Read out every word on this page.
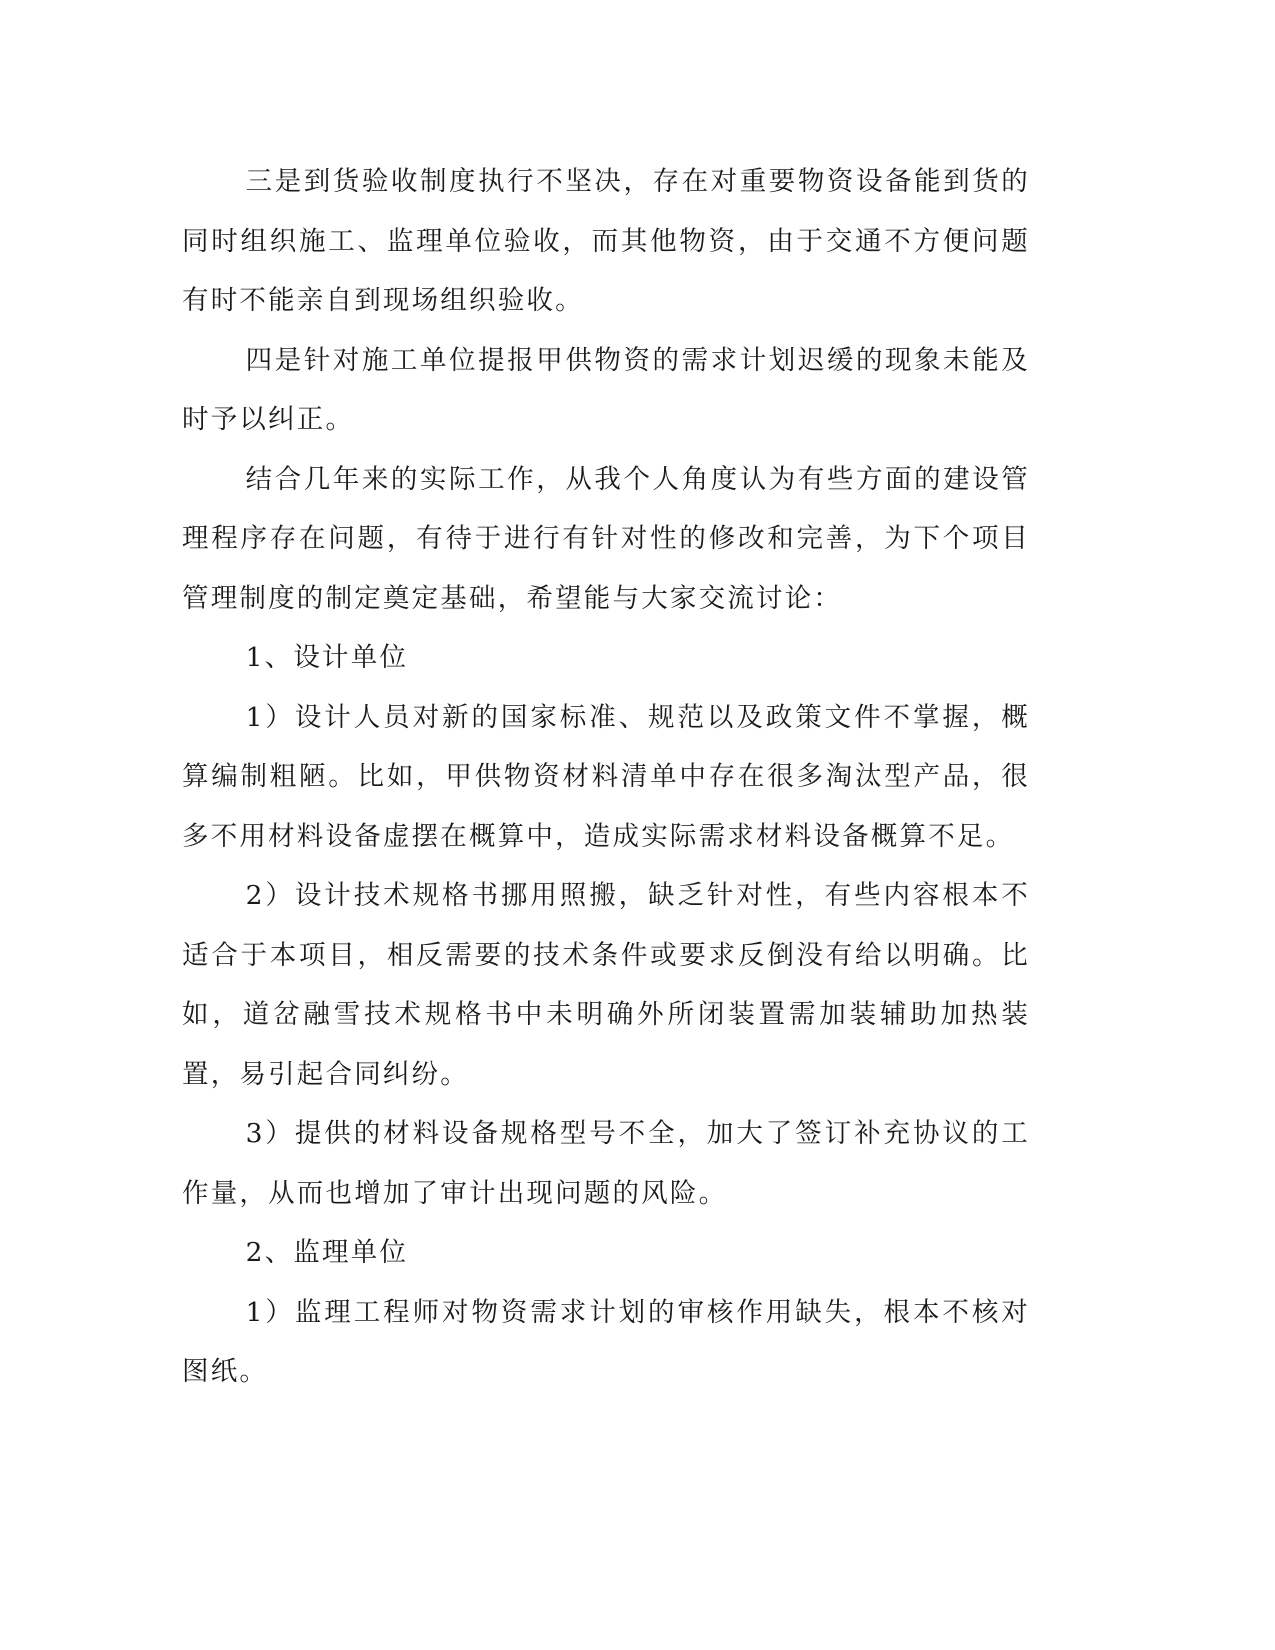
三是到货验收制度执行不坚决，存在对重要物资设备能到货的同时组织施工、监理单位验收，而其他物资，由于交通不方便问题有时不能亲自到现场组织验收。

四是针对施工单位提报甲供物资的需求计划迟缓的现象未能及时予以纠正。

结合几年来的实际工作，从我个人角度认为有些方面的建设管理程序存在问题，有待于进行有针对性的修改和完善，为下个项目管理制度的制定奠定基础，希望能与大家交流讨论：

1、设计单位

1）设计人员对新的国家标准、规范以及政策文件不掌握，概算编制粗陋。比如，甲供物资材料清单中存在很多淘汰型产品，很多不用材料设备虚摆在概算中，造成实际需求材料设备概算不足。

2）设计技术规格书挪用照搬，缺乏针对性，有些内容根本不适合于本项目，相反需要的技术条件或要求反倒没有给以明确。比如，道岔融雪技术规格书中未明确外所闭装置需加装辅助加热装置，易引起合同纠纷。

3）提供的材料设备规格型号不全，加大了签订补充协议的工作量，从而也增加了审计出现问题的风险。

2、监理单位

1）监理工程师对物资需求计划的审核作用缺失，根本不核对图纸。
